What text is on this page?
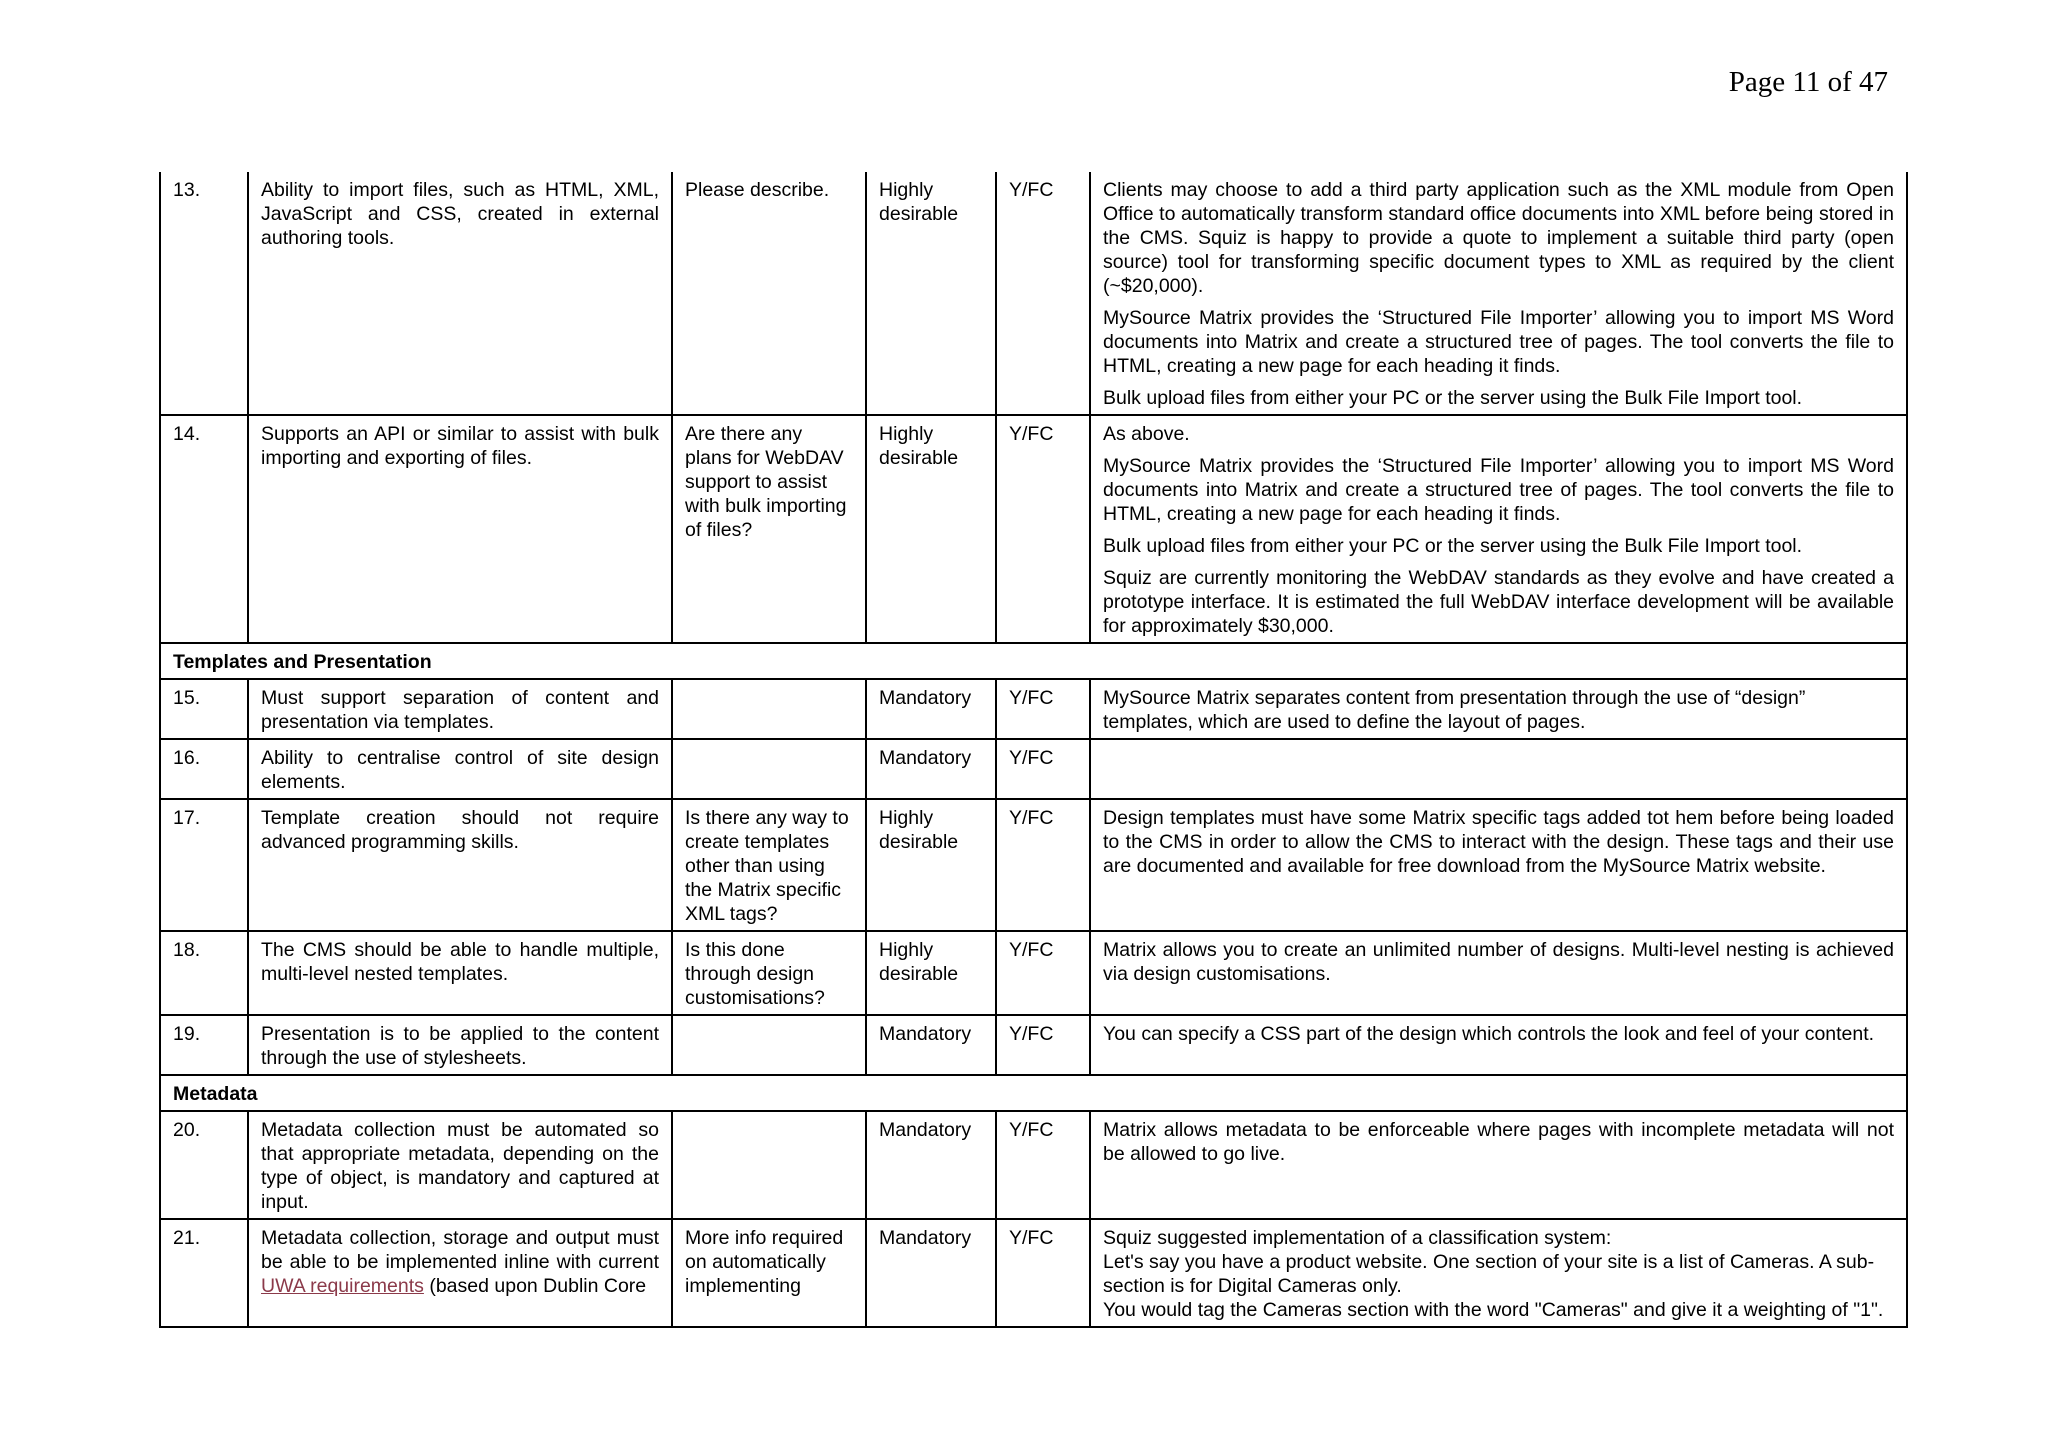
Page 11 of 47
13.	Ability to import files, such as HTML, XML, JavaScript and CSS, created in external authoring tools.	Please describe.	Highly desirable	Y/FC	Clients may choose to add a third party application such as the XML module from Open Office to automatically transform standard office documents into XML before being stored in the CMS. Squiz is happy to provide a quote to implement a suitable third party (open source) tool for transforming specific document types to XML as required by the client (~$20,000).

MySource Matrix provides the ‘Structured File Importer’ allowing you to import MS Word documents into Matrix and create a structured tree of pages. The tool converts the file to HTML, creating a new page for each heading it finds.

Bulk upload files from either your PC or the server using the Bulk File Import tool.

14.	Supports an API or similar to assist with bulk importing and exporting of files.	Are there any plans for WebDAV support to assist with bulk importing of files?	Highly desirable	Y/FC	As above.

MySource Matrix provides the ‘Structured File Importer’ allowing you to import MS Word documents into Matrix and create a structured tree of pages. The tool converts the file to HTML, creating a new page for each heading it finds.

Bulk upload files from either your PC or the server using the Bulk File Import tool.

Squiz are currently monitoring the WebDAV standards as they evolve and have created a prototype interface. It is estimated the full WebDAV interface development will be available for approximately $30,000.

Templates and Presentation					
15.	Must support separation of content and presentation via templates.		Mandatory	Y/FC	MySource Matrix separates content from presentation through the use of “design” templates, which are used to define the layout of pages.

16.	Ability to centralise control of site design elements.		Mandatory	Y/FC	
17.	Template creation should not require advanced programming skills.	Is there any way to create templates other than using the Matrix specific XML tags?	Highly desirable	Y/FC	Design templates must have some Matrix specific tags added tot hem before being loaded to the CMS in order to allow the CMS to interact with the design. These tags and their use are documented and available for free download from the MySource Matrix website.

18.	The CMS should be able to handle multiple, multi-level nested templates.	Is this done through design customisations?	Highly desirable	Y/FC	Matrix allows you to create an unlimited number of designs. Multi-level nesting is achieved via design customisations.

19.	Presentation is to be applied to the content through the use of stylesheets.		Mandatory	Y/FC	You can specify a CSS part of the design which controls the look and feel of your content.

Metadata					
20.	Metadata collection must be automated so that appropriate metadata, depending on the type of object, is mandatory and captured at input.		Mandatory	Y/FC	Matrix allows metadata to be enforceable where pages with incomplete metadata will not be allowed to go live.

21.	Metadata collection, storage and output must be able to be implemented inline with current UWA requirements (based upon Dublin Core	More info required on automatically implementing	Mandatory	Y/FC	Squiz suggested implementation of a classification system:

Let's say you have a product website. One section of your site is a list of Cameras. A sub-section is for Digital Cameras only.

You would tag the Cameras section with the word "Cameras" and give it a weighting of "1".
